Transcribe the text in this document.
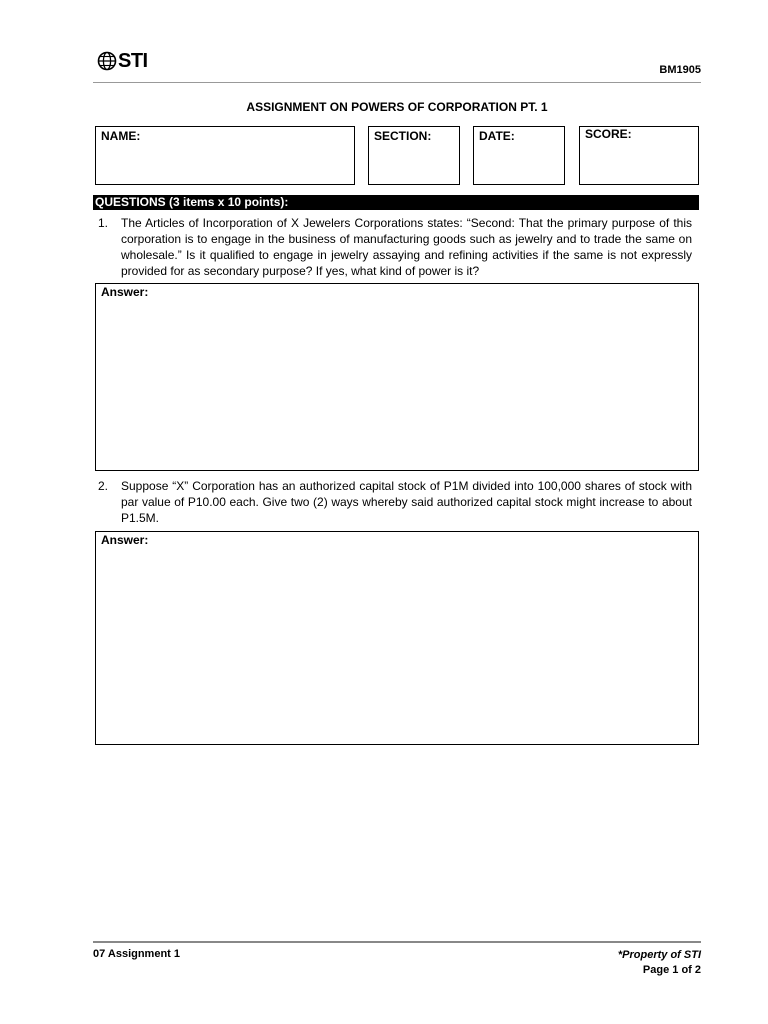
STI	BM1905
ASSIGNMENT ON POWERS OF CORPORATION PT. 1
NAME:	SECTION:	DATE:	SCORE:
QUESTIONS (3 items x 10 points):
1.	The Articles of Incorporation of X Jewelers Corporations states: “Second: That the primary purpose of this corporation is to engage in the business of manufacturing goods such as jewelry and to trade the same on wholesale.” Is it qualified to engage in jewelry assaying and refining activities if the same is not expressly provided for as secondary purpose? If yes, what kind of power is it?
Answer:
2.	Suppose “X” Corporation has an authorized capital stock of P1M divided into 100,000 shares of stock with par value of P10.00 each. Give two (2) ways whereby said authorized capital stock might increase to about P1.5M.
Answer:
07 Assignment 1	*Property of STI
Page 1 of 2
